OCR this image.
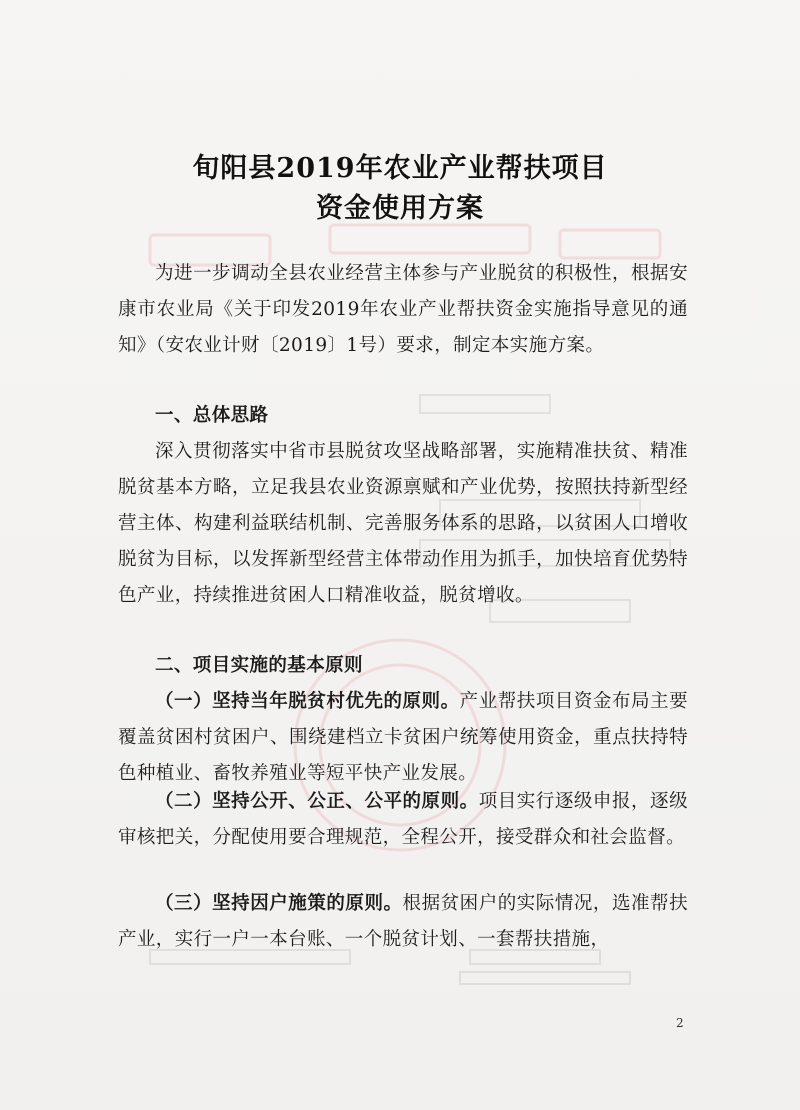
旬阳县2019年农业产业帮扶项目
资金使用方案
为进一步调动全县农业经营主体参与产业脱贫的积极性，根据安康市农业局《关于印发2019年农业产业帮扶资金实施指导意见的通知》（安农业计财〔2019〕1号）要求，制定本实施方案。
一、总体思路
深入贯彻落实中省市县脱贫攻坚战略部署，实施精准扶贫、精准脱贫基本方略，立足我县农业资源禀赋和产业优势，按照扶持新型经营主体、构建利益联结机制、完善服务体系的思路，以贫困人口增收脱贫为目标，以发挥新型经营主体带动作用为抓手，加快培育优势特色产业，持续推进贫困人口精准收益，脱贫增收。
二、项目实施的基本原则
（一）坚持当年脱贫村优先的原则。产业帮扶项目资金布局主要覆盖贫困村贫困户、围绕建档立卡贫困户统筹使用资金，重点扶持特色种植业、畜牧养殖业等短平快产业发展。
（二）坚持公开、公正、公平的原则。项目实行逐级申报，逐级审核把关，分配使用要合理规范，全程公开，接受群众和社会监督。
（三）坚持因户施策的原则。根据贫困户的实际情况，选准帮扶产业，实行一户一本台账、一个脱贫计划、一套帮扶措施，
2
